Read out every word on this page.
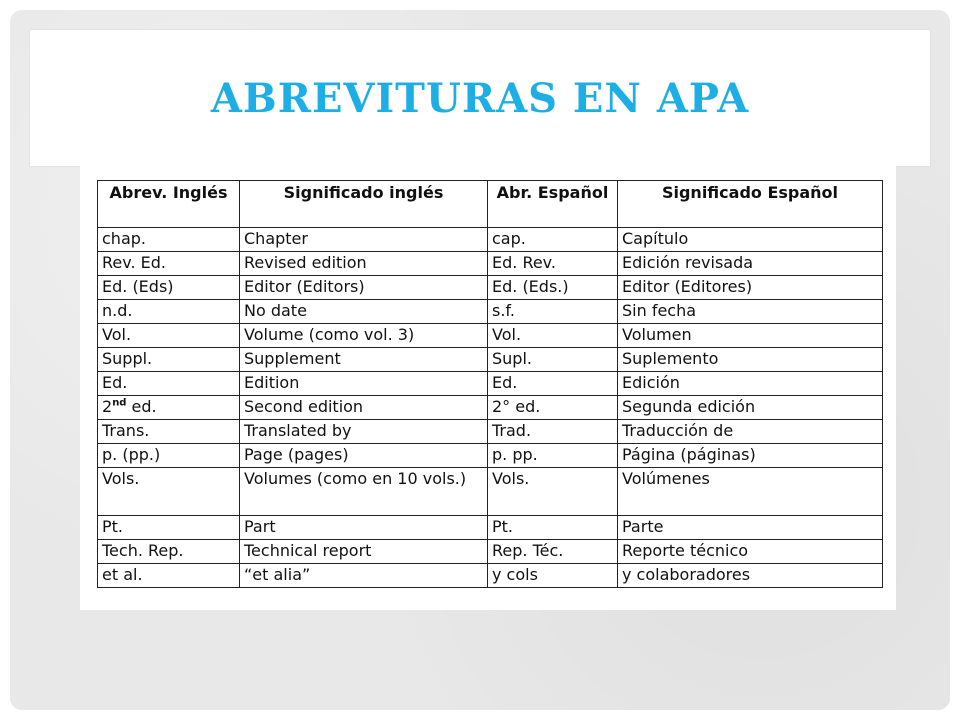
ABREVITURAS EN APA
Abrev. Inglés	Significado inglés	Abr. Español	Significado Español
chap.	Chapter	cap.	Capítulo
Rev. Ed.	Revised edition	Ed. Rev.	Edición revisada
Ed. (Eds)	Editor (Editors)	Ed. (Eds.)	Editor (Editores)
n.d.	No date	s.f.	Sin fecha
Vol.	Volume (como vol. 3)	Vol.	Volumen
Suppl.	Supplement	Supl.	Suplemento
Ed.	Edition	Ed.	Edición
2nd ed.	Second edition	2° ed.	Segunda edición
Trans.	Translated by	Trad.	Traducción de
p. (pp.)	Page (pages)	p. pp.	Página (páginas)
Vols.	Volumes (como en 10 vols.)	Vols.	Volúmenes
Pt.	Part	Pt.	Parte
Tech. Rep.	Technical report	Rep. Téc.	Reporte técnico
et al.	“et alia”	y cols	y colaboradores
